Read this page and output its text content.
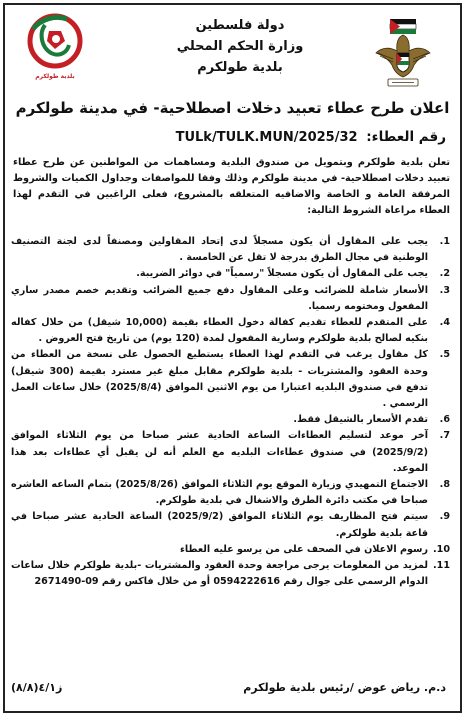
دولة فلسطين
وزارة الحكم المحلي
بلدية طولكرم
بلدية طولكرم
اعلان طرح عطاء تعبيد دخلات اصطلاحية- في مدينة طولكرم
رقم العطاء: TULk/TULK.MUN/2025/32
تعلن بلدية طولكرم وبتمويل من صندوق البلدية ومساهمات من المواطنين عن طرح عطاء تعبيد دخلات اصطلاحية- في مدينة طولكرم وذلك وفقا للمواصفات وجداول الكميات والشروط المرفقة العامة و الخاصة والاضافيه المتعلقه بالمشروع، فعلى الراغبين في التقدم لهذا العطاء مراعاة الشروط التالية:
1.
يجب على المقاول أن يكون مسجلاً لدى إتحاد المقاولين ومصنفاً لدى لجنة التصنيف الوطنية في مجال الطرق بدرجة لا تقل عن الخامسة .
2.
يجب على المقاول أن يكون مسجلاً "رسمياً" في دوائر الضريبة.
3.
الأسعار شاملة للضرائب وعلى المقاول دفع جميع الضرائب وتقديم خصم مصدر ساري المفعول ومختومه رسميا.
4.
على المتقدم للعطاء تقديم كفالة دخول العطاء بقيمة (10,000 شيقل) من خلال كفاله بنكيه لصالح بلدية طولكرم وسارية المفعول لمدة (120 يوم) من تاريخ فتح العروض .
5.
كل مقاول يرغب في التقدم لهذا العطاء يستطيع الحصول على نسخة من العطاء من وحدة العقود والمشتريات - بلدية طولكرم مقابل مبلغ غير مسترد بقيمة (300 شيقل) تدفع في صندوق البلديه اعتبارا من يوم الاثنين الموافق (2025/8/4) خلال ساعات العمل الرسمي .
6.
تقدم الأسعار بالشيقل فقط.
7.
آخر موعد لتسليم العطاءات الساعة الحادية عشر صباحا من يوم الثلاثاء الموافق (2025/9/2) في صندوق عطاءات البلديه مع العلم أنه لن يقبل أي عطاءات بعد هذا الموعد.
8.
الاجتماع التمهيدي وزيارة الموقع يوم الثلاثاء الموافق (2025/8/26) بتمام الساعه العاشره صباحا في مكتب دائرة الطرق والاشغال في بلدية طولكرم.
9.
سيتم فتح المظاريف يوم الثلاثاء الموافق (2025/9/2) الساعة الحادية عشر صباحا في قاعة بلدية طولكرم.
10.
رسوم الاعلان في الصحف على من يرسو عليه العطاء
11.
لمزيد من المعلومات يرجى مراجعة وحدة العقود والمشتريات -بلدية طولكرم خلال ساعات الدوام الرسمي على جوال رقم 0594222616 أو من خلال فاكس رقم 09-2671490
د.م. رياض عوض /رئيس بلدية طولكرم
ز٤/١(٨/٨)
